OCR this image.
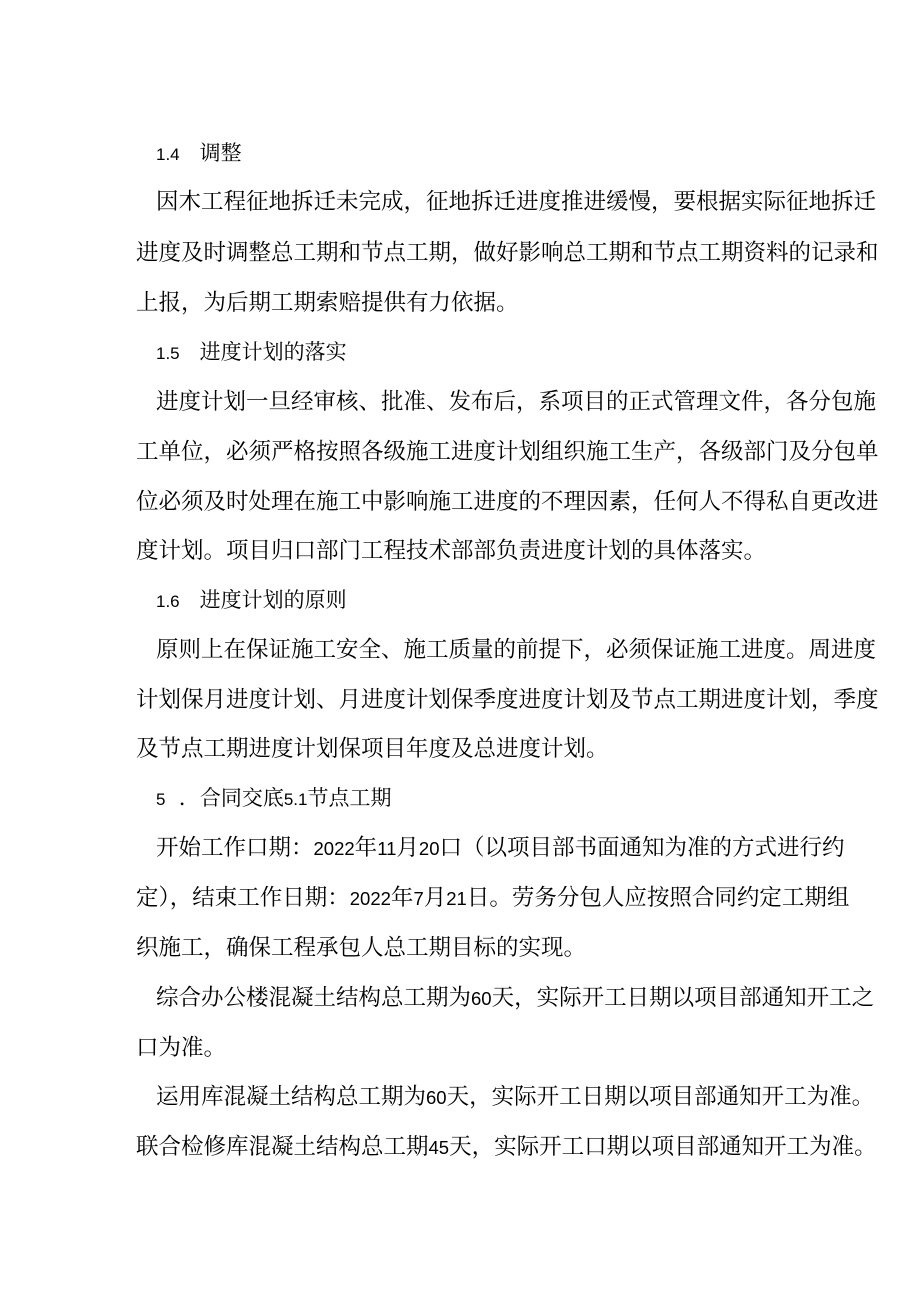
1.4 调整
因木工程征地拆迁未完成，征地拆迁进度推进缓慢，要根据实际征地拆迁
进度及时调整总工期和节点工期，做好影响总工期和节点工期资料的记录和
上报，为后期工期索赔提供有力依据。
1.5 进度计划的落实
进度计划一旦经审核、批准、发布后，系项目的正式管理文件，各分包施
工单位，必须严格按照各级施工进度计划组织施工生产，各级部门及分包单
位必须及时处理在施工中影响施工进度的不理因素，任何人不得私自更改进
度计划。项目归口部门工程技术部部负责进度计划的具体落实。
1.6 进度计划的原则
原则上在保证施工安全、施工质量的前提下，必须保证施工进度。周进度
计划保月进度计划、月进度计划保季度进度计划及节点工期进度计划，季度
及节点工期进度计划保项目年度及总进度计划。
5 ．合同交底5.1节点工期
开始工作口期：2022年11月20口（以项目部书面通知为准的方式进行约
定），结束工作日期：2022年7月21日。劳务分包人应按照合同约定工期组
织施工，确保工程承包人总工期目标的实现。
综合办公楼混凝土结构总工期为60天，实际开工日期以项目部通知开工之
口为准。
运用库混凝土结构总工期为60天，实际开工日期以项目部通知开工为准。
联合检修库混凝土结构总工期45天，实际开工口期以项目部通知开工为准。
